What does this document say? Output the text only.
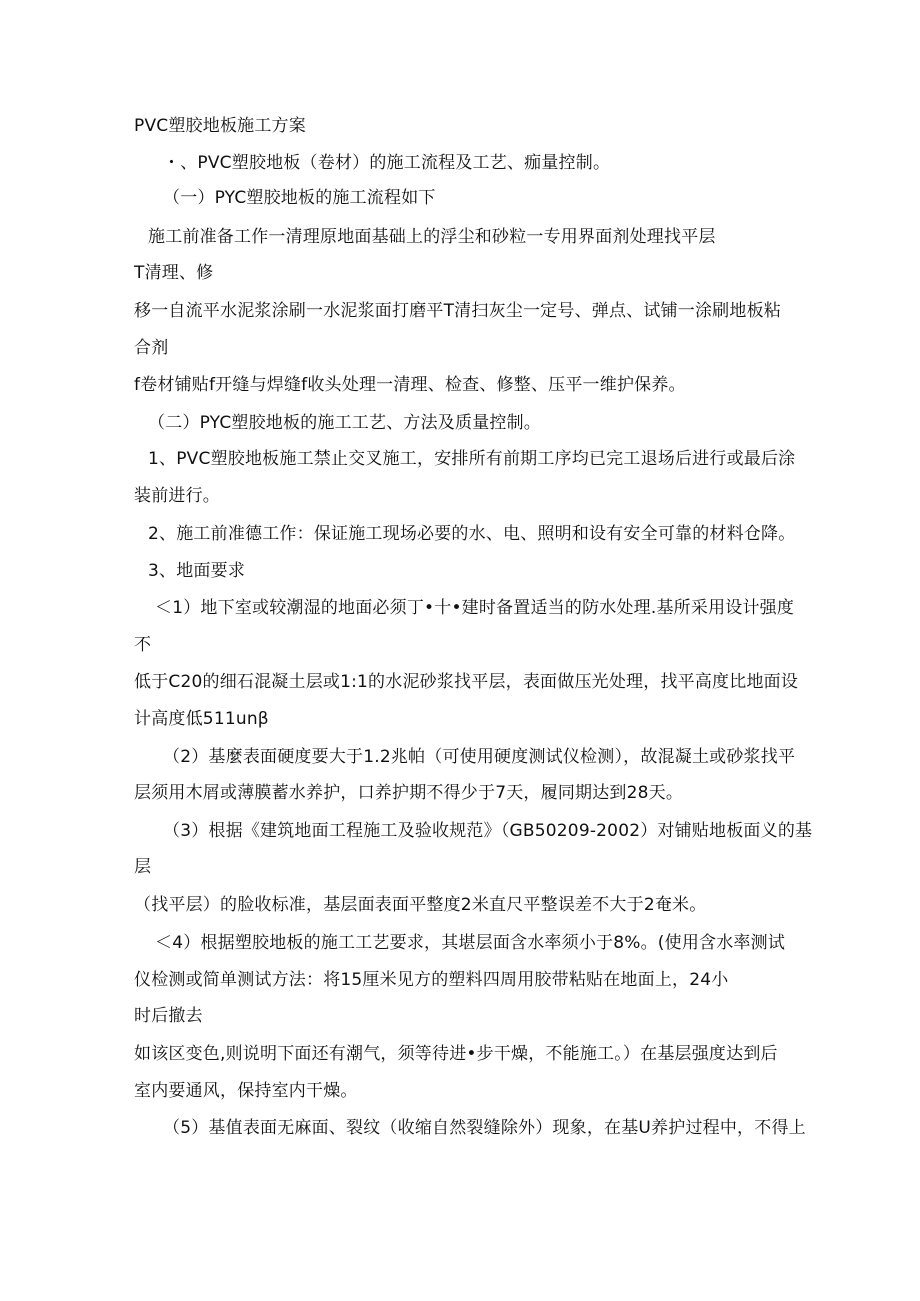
PVC塑胶地板施工方案
・、PVC塑胶地板（卷材）的施工流程及工艺、痂量控制。
（一）PYC塑胶地板的施工流程如下
施工前准备工作一清理原地面基础上的浮尘和砂粒一专用界面剂处理找平层
T清理、修
移一自流平水泥浆涂刷一水泥浆面打磨平T清扫灰尘一定号、弹点、试铺一涂刷地板粘
合剂
f卷材铺贴f开缝与焊缝f收头处理一清理、检查、修整、压平一维护保养。
（二）PYC塑胶地板的施工工艺、方法及质量控制。
1、PVC塑胶地板施工禁止交叉施工，安排所有前期工序均已完工退场后进行或最后涂
装前进行。
2、施工前准德工作：保证施工现场必要的水、电、照明和设有安全可靠的材料仓降。
3、地面要求
＜1）地下室或较潮湿的地面必须丁•十•建时备置适当的防水处理.基所采用设计强度
不
低于C20的细石混凝土层或1:1的水泥砂浆找平层，表面做压光处理，找平高度比地面设
计高度低511unβ
（2）基麼表面硬度要大于1.2兆帕（可使用硬度测试仪检测），故混凝土或砂浆找平
层须用木屑或薄膜蓄水养护，口养护期不得少于7天，履同期达到28天。
（3）根据《建筑地面工程施工及验收规范》（GB50209-2002）对铺贴地板面义的基
层
（找平层）的脸收标准，基层面表面平整度2米直尺平整误差不大于2奄米。
＜4）根据塑胶地板的施工工艺要求，其堪层面含水率须小于8%。(使用含水率测试
仪检测或简单测试方法：将15厘米见方的塑料四周用胶带粘贴在地面上，24小
时后撤去
如该区变色,则说明下面还有潮气，须等待进•步干燥，不能施工。）在基层强度达到后
室内要通风，保持室内干燥。
（5）基值表面无麻面、裂纹（收缩自然裂缝除外）现象，在基U养护过程中，不得上
